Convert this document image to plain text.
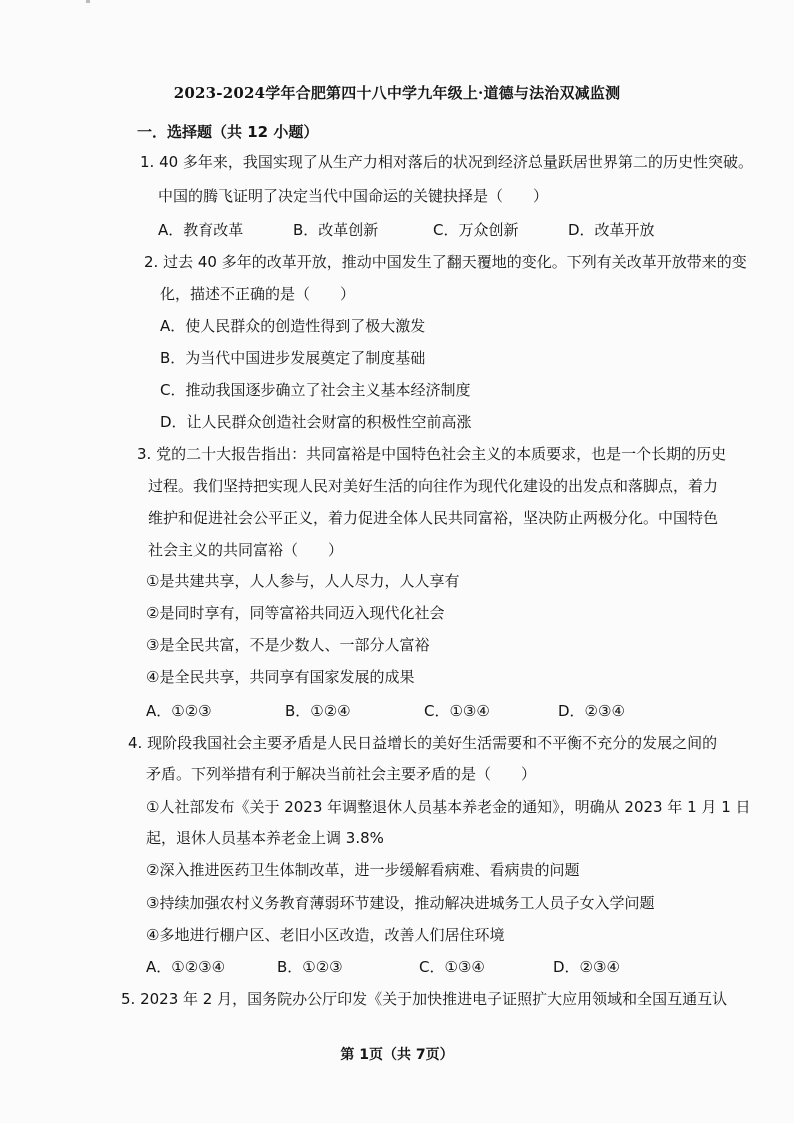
2023-2024学年合肥第四十八中学九年级上·道德与法治双减监测
一．选择题（共 12 小题）
1. 40 多年来，我国实现了从生产力相对落后的状况到经济总量跃居世界第二的历史性突破。
中国的腾飞证明了决定当代中国命运的关键抉择是（　　）
A．教育改革	B．改革创新	C．万众创新	D．改革开放
2. 过去 40 多年的改革开放，推动中国发生了翻天覆地的变化。下列有关改革开放带来的变
化，描述不正确的是（　　）
A．使人民群众的创造性得到了极大激发
B．为当代中国进步发展奠定了制度基础
C．推动我国逐步确立了社会主义基本经济制度
D．让人民群众创造社会财富的积极性空前高涨
3. 党的二十大报告指出：共同富裕是中国特色社会主义的本质要求，也是一个长期的历史
过程。我们坚持把实现人民对美好生活的向往作为现代化建设的出发点和落脚点，着力
维护和促进社会公平正义，着力促进全体人民共同富裕，坚决防止两极分化。中国特色
社会主义的共同富裕（　　）
①是共建共享，人人参与，人人尽力，人人享有
②是同时享有，同等富裕共同迈入现代化社会
③是全民共富，不是少数人、一部分人富裕
④是全民共享，共同享有国家发展的成果
A．①②③	B．①②④	C．①③④	D．②③④
4. 现阶段我国社会主要矛盾是人民日益增长的美好生活需要和不平衡不充分的发展之间的
矛盾。下列举措有利于解决当前社会主要矛盾的是（　　）
①人社部发布《关于 2023 年调整退休人员基本养老金的通知》，明确从 2023 年 1 月 1 日
起，退休人员基本养老金上调 3.8%
②深入推进医药卫生体制改革，进一步缓解看病难、看病贵的问题
③持续加强农村义务教育薄弱环节建设，推动解决进城务工人员子女入学问题
④多地进行棚户区、老旧小区改造，改善人们居住环境
A．①②③④	B．①②③	C．①③④	D．②③④
5. 2023 年 2 月，国务院办公厅印发《关于加快推进电子证照扩大应用领域和全国互通互认
第 1页（共 7页）
